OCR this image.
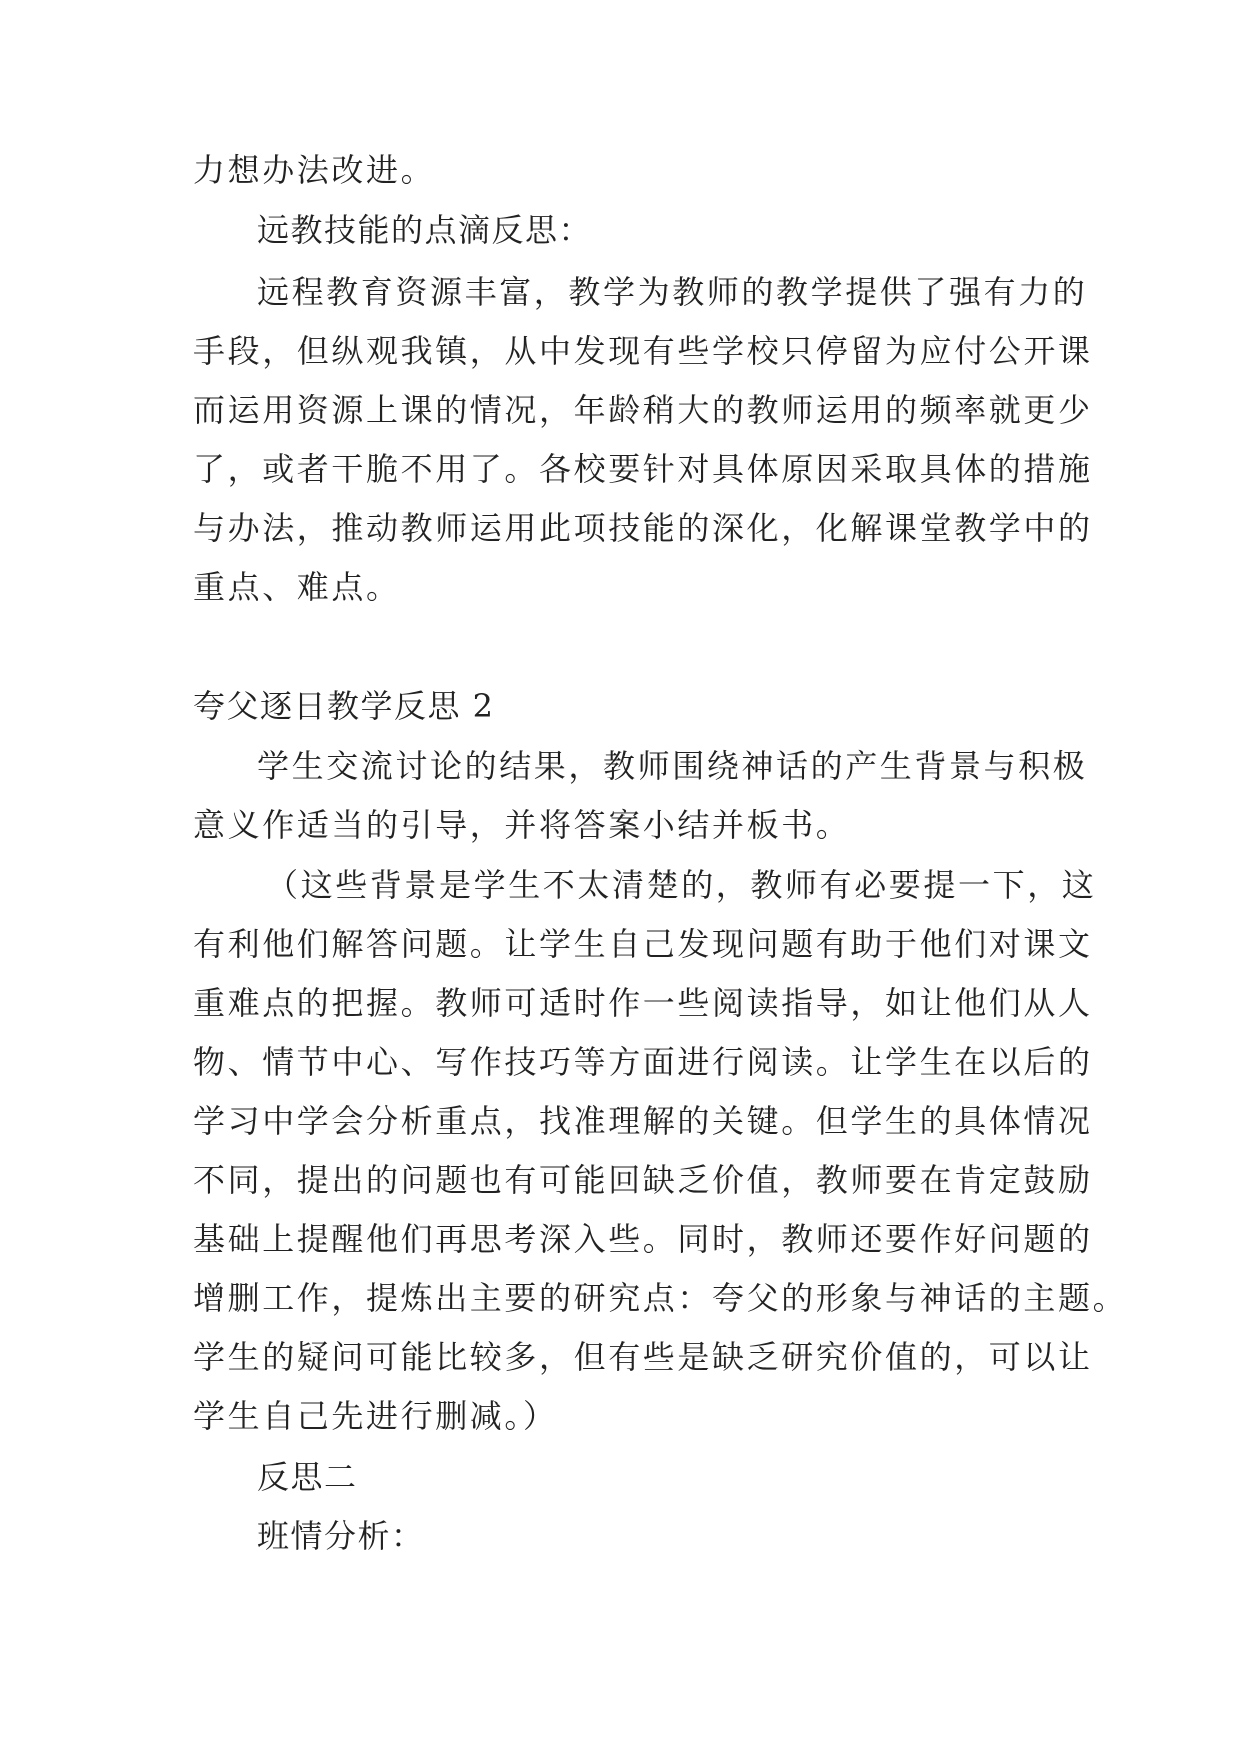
力想办法改进。
远教技能的点滴反思：
远程教育资源丰富，教学为教师的教学提供了强有力的
手段，但纵观我镇，从中发现有些学校只停留为应付公开课
而运用资源上课的情况，年龄稍大的教师运用的频率就更少
了，或者干脆不用了。各校要针对具体原因采取具体的措施
与办法，推动教师运用此项技能的深化，化解课堂教学中的
重点、难点。
夸父逐日教学反思 2
学生交流讨论的结果，教师围绕神话的产生背景与积极
意义作适当的引导，并将答案小结并板书。
（这些背景是学生不太清楚的，教师有必要提一下，这
有利他们解答问题。让学生自己发现问题有助于他们对课文
重难点的把握。教师可适时作一些阅读指导，如让他们从人
物、情节中心、写作技巧等方面进行阅读。让学生在以后的
学习中学会分析重点，找准理解的关键。但学生的具体情况
不同，提出的问题也有可能回缺乏价值，教师要在肯定鼓励
基础上提醒他们再思考深入些。同时，教师还要作好问题的
增删工作，提炼出主要的研究点：夸父的形象与神话的主题。
学生的疑问可能比较多，但有些是缺乏研究价值的，可以让
学生自己先进行删减。）
反思二
班情分析：
